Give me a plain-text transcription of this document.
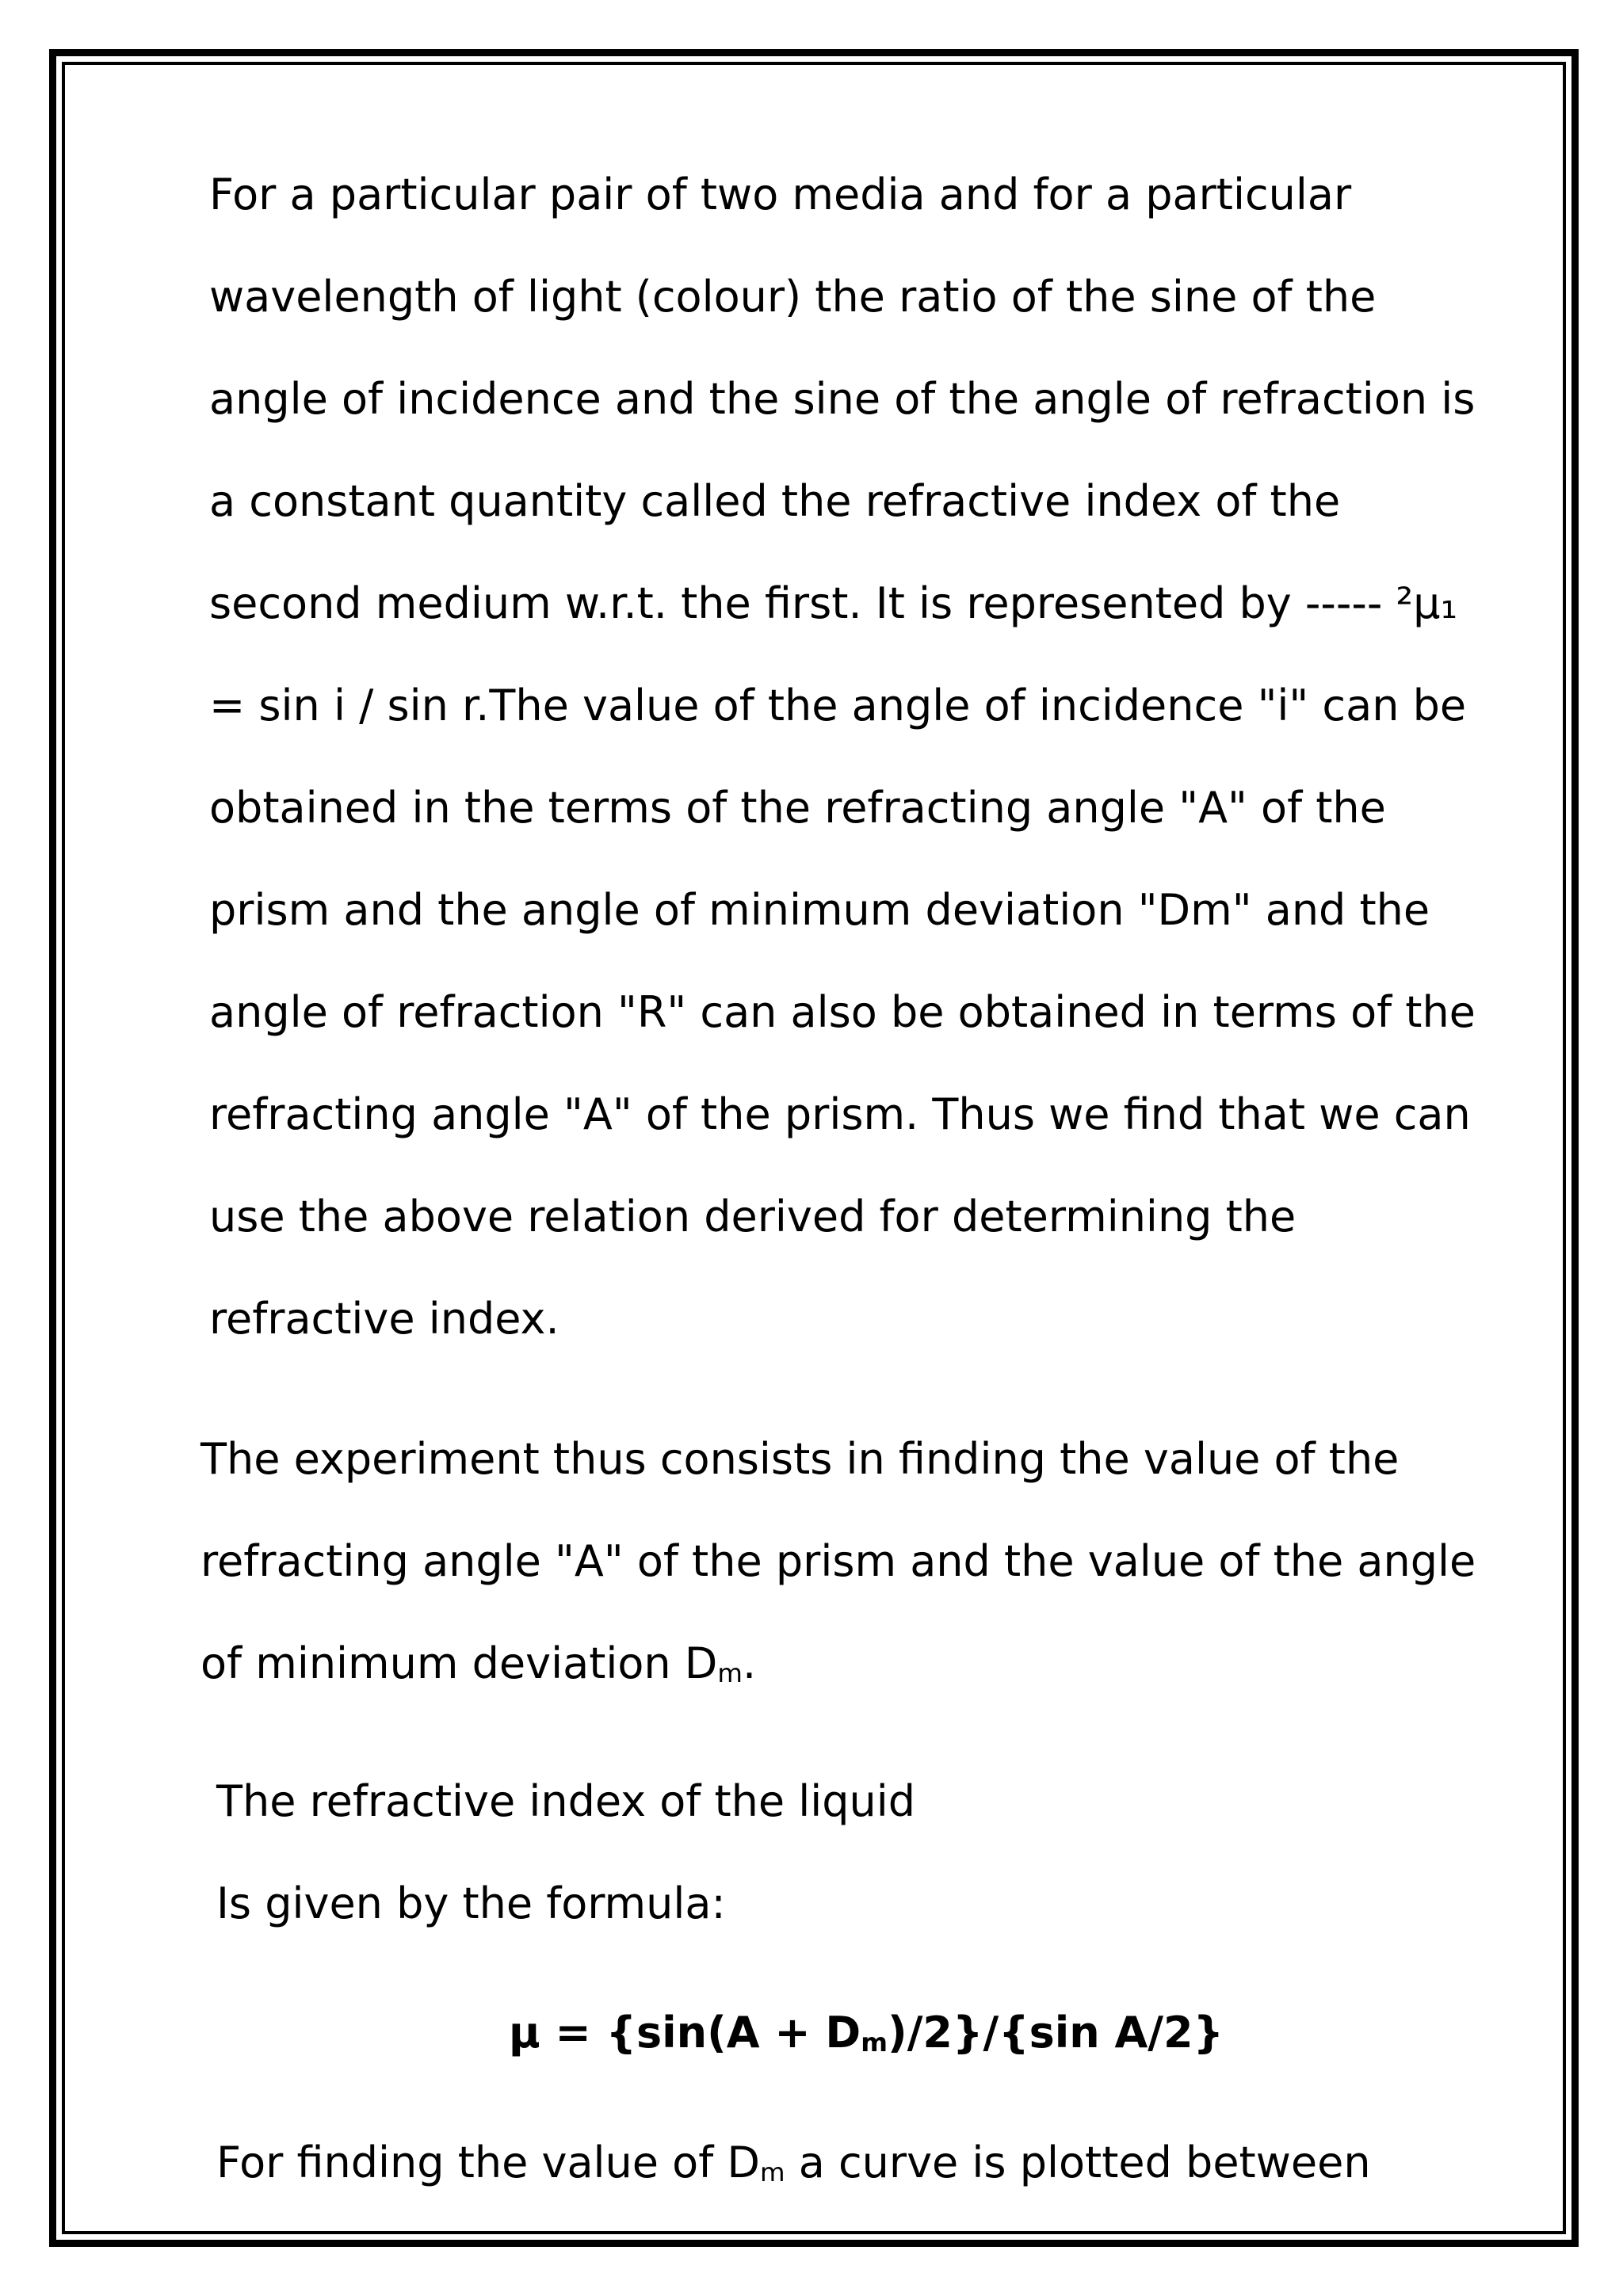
For a particular pair of two media and for a particular

wavelength of light (colour) the ratio of the sine of the

angle of incidence and the sine of the angle of refraction is

a constant quantity called the refractive index of the

second medium w.r.t. the first. It is represented by ----- ²μ₁

= sin i / sin r.The value of the angle of incidence "i" can be

obtained in the terms of the refracting angle "A" of the

prism and the angle of minimum deviation "Dm" and the

angle of refraction "R" can also be obtained in terms of the

refracting angle "A" of the prism. Thus we find that we can

use the above relation derived for determining the

refractive index.

The experiment thus consists in finding the value of the

refracting angle "A" of the prism and the value of the angle

of minimum deviation $D_m$.

The refractive index of the liquid

Is given by the formula:

$\mu = \{\sin(A + D_m)/2\}/\{\sin$ A/2}

For finding the value of $D_m$ a curve is plotted between
